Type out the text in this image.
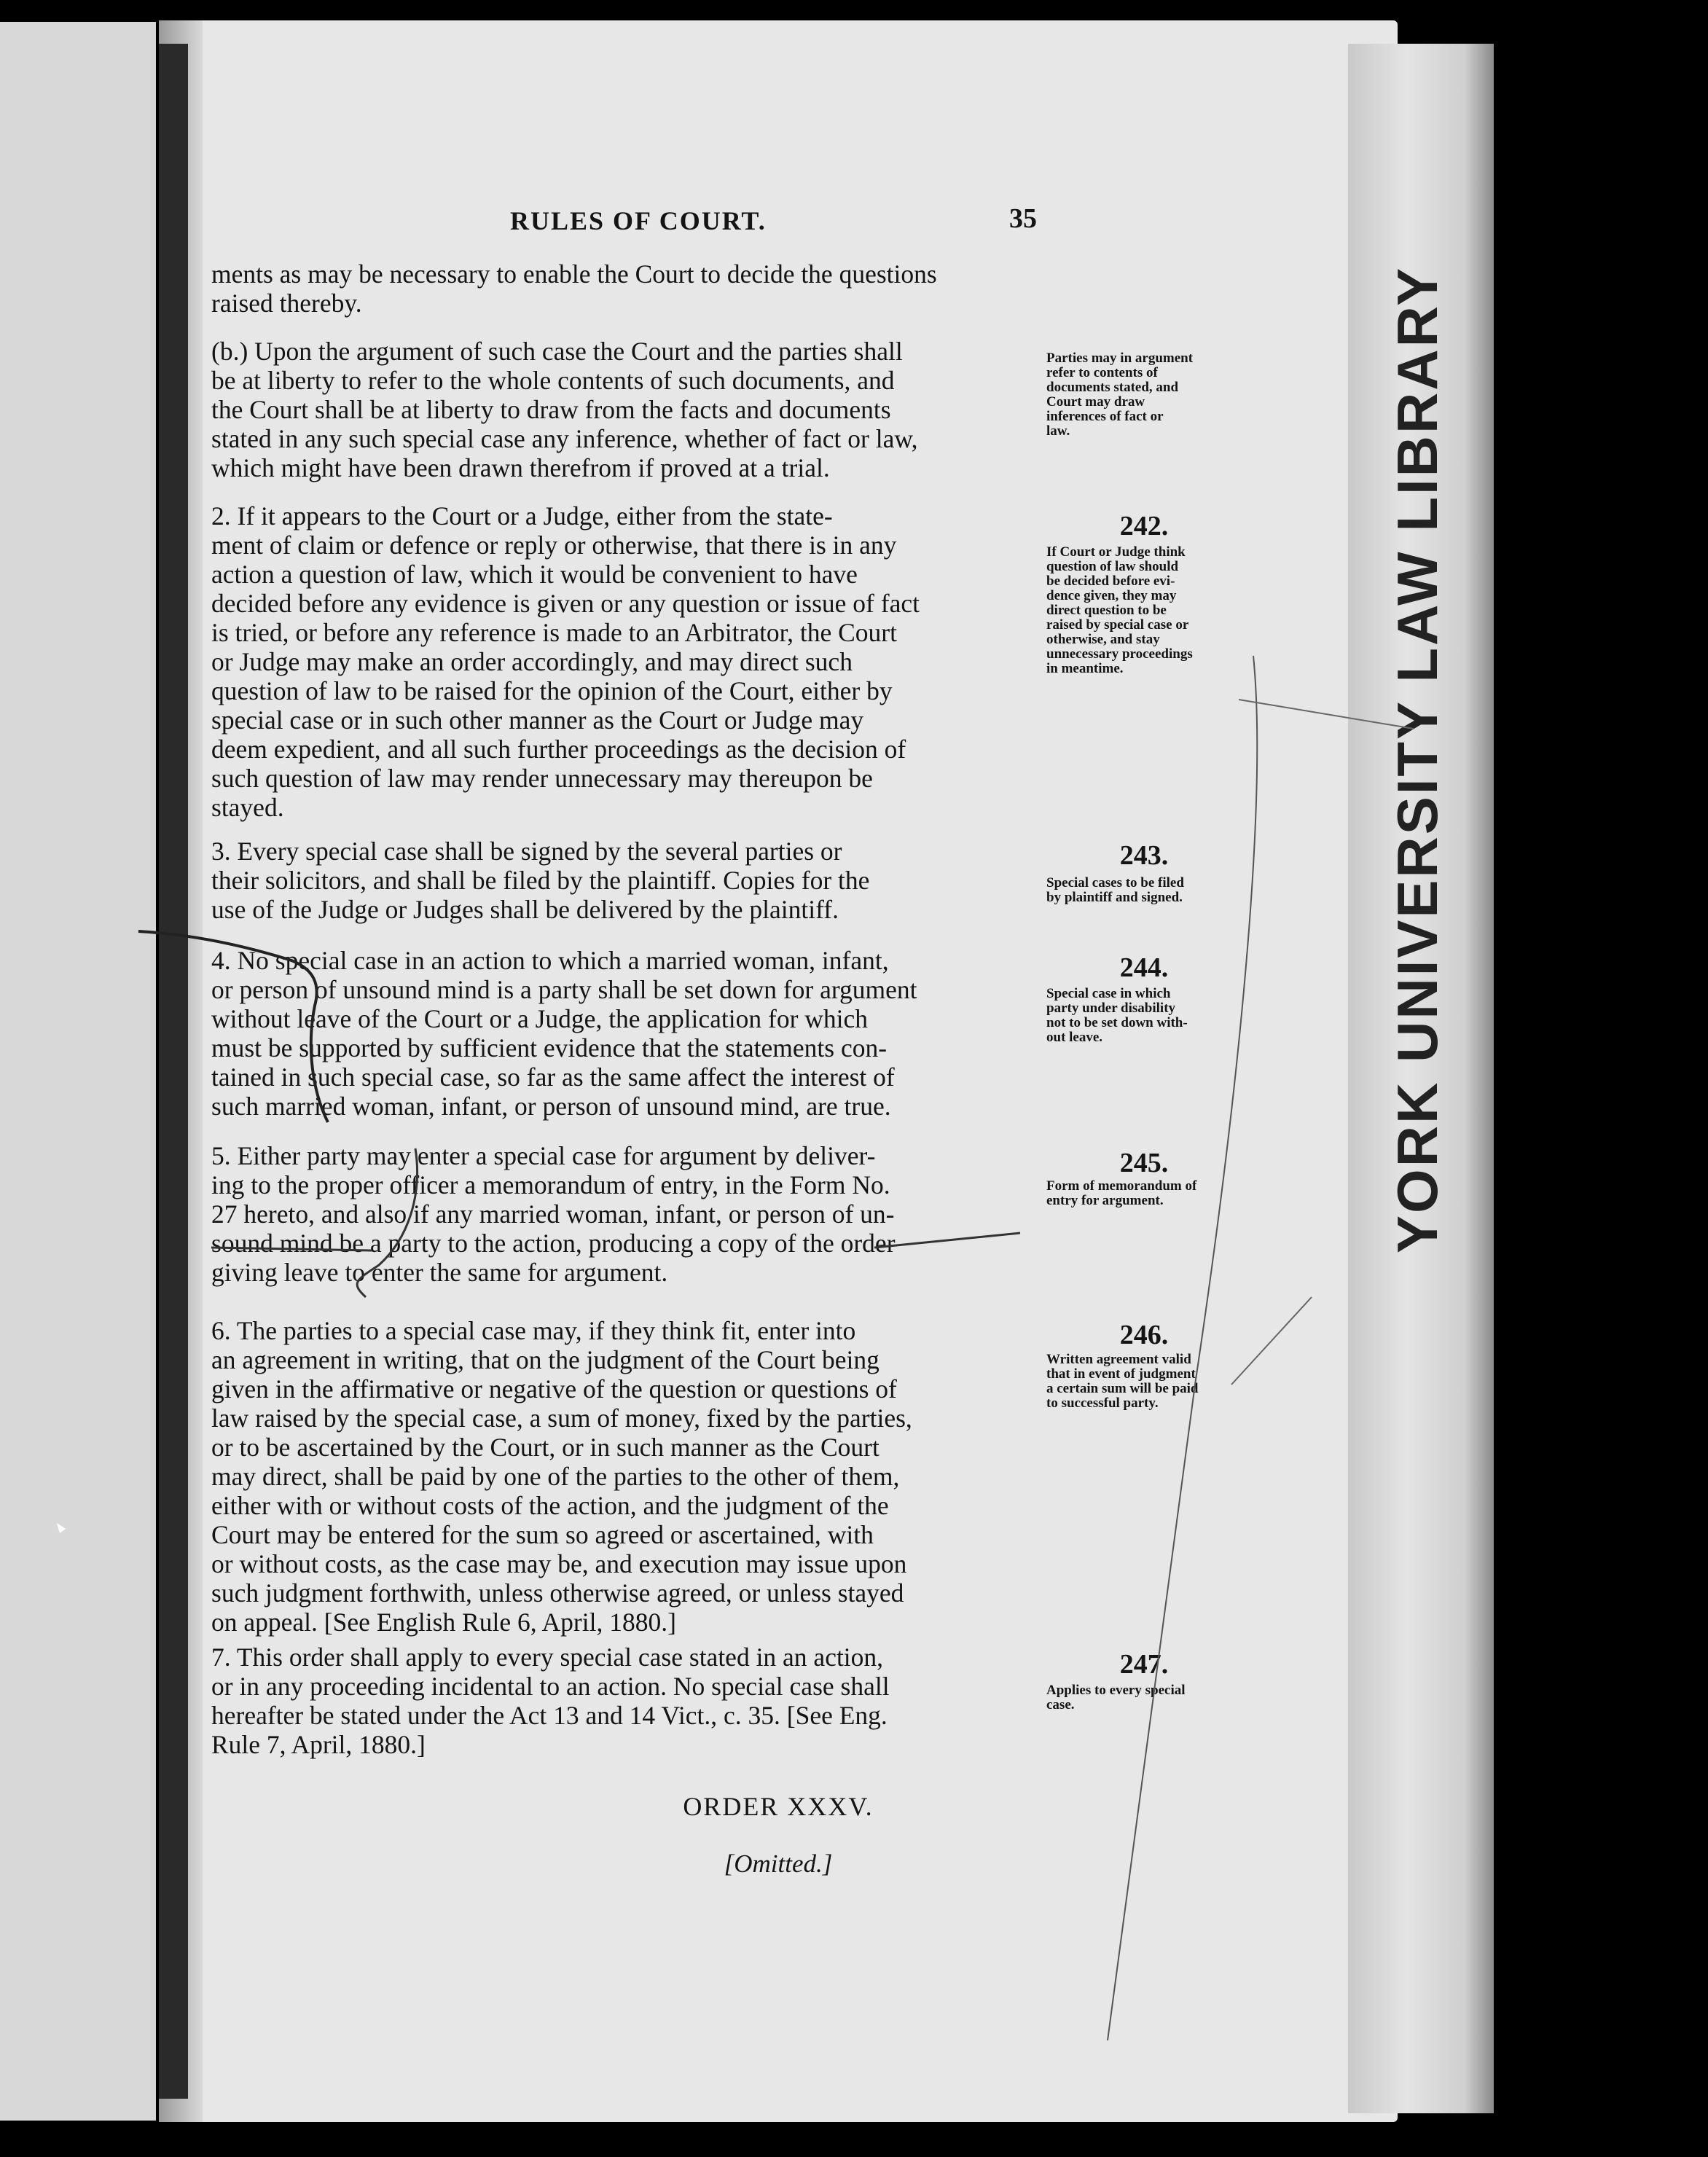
ORDER XXXV.
[Omitted.]
YORK UNIVERSITY LAW LIBRARY
RULES OF COURT.	35
ments as may be necessary to enable the Court to decide the questions
raised thereby.
(b.) Upon the argument of such case the Court and the parties shall
be at liberty to refer to the whole contents of such documents, and
the Court shall be at liberty to draw from the facts and documents
stated in any such special case any inference, whether of fact or law,
which might have been drawn therefrom if proved at a trial.
2. If it appears to the Court or a Judge, either from the state-
ment of claim or defence or reply or otherwise, that there is in any
action a question of law, which it would be convenient to have
decided before any evidence is given or any question or issue of fact
is tried, or before any reference is made to an Arbitrator, the Court
or Judge may make an order accordingly, and may direct such
question of law to be raised for the opinion of the Court, either by
special case or in such other manner as the Court or Judge may
deem expedient, and all such further proceedings as the decision of
such question of law may render unnecessary may thereupon be
stayed.
3. Every special case shall be signed by the several parties or
their solicitors, and shall be filed by the plaintiff. Copies for the
use of the Judge or Judges shall be delivered by the plaintiff.
4. No special case in an action to which a married woman, infant,
or person of unsound mind is a party shall be set down for argument
without leave of the Court or a Judge, the application for which
must be supported by sufficient evidence that the statements con-
tained in such special case, so far as the same affect the interest of
such married woman, infant, or person of unsound mind, are true.
5. Either party may enter a special case for argument by deliver-
ing to the proper officer a memorandum of entry, in the Form No.
27 hereto, and also if any married woman, infant, or person of un-
sound mind be a party to the action, producing a copy of the order
giving leave to enter the same for argument.
6. The parties to a special case may, if they think fit, enter into
an agreement in writing, that on the judgment of the Court being
given in the affirmative or negative of the question or questions of
law raised by the special case, a sum of money, fixed by the parties,
or to be ascertained by the Court, or in such manner as the Court
may direct, shall be paid by one of the parties to the other of them,
either with or without costs of the action, and the judgment of the
Court may be entered for the sum so agreed or ascertained, with
or without costs, as the case may be, and execution may issue upon
such judgment forthwith, unless otherwise agreed, or unless stayed
on appeal. [See English Rule 6, April, 1880.]
7. This order shall apply to every special case stated in an action,
or in any proceeding incidental to an action. No special case shall
hereafter be stated under the Act 13 and 14 Vict., c. 35. [See Eng.
Rule 7, April, 1880.]
Parties may in argument
refer to contents of
documents stated, and
Court may draw
inferences of fact or
law.
242.
If Court or Judge think
question of law should
be decided before evi-
dence given, they may
direct question to be
raised by special case or
otherwise, and stay
unnecessary proceedings
in meantime.
243.
Special cases to be filed
by plaintiff and signed.
244.
Special case in which
party under disability
not to be set down with-
out leave.
245.
Form of memorandum of
entry for argument.
246.
Written agreement valid
that in event of judgment
a certain sum will be paid
to successful party.
247.
Applies to every special
case.
